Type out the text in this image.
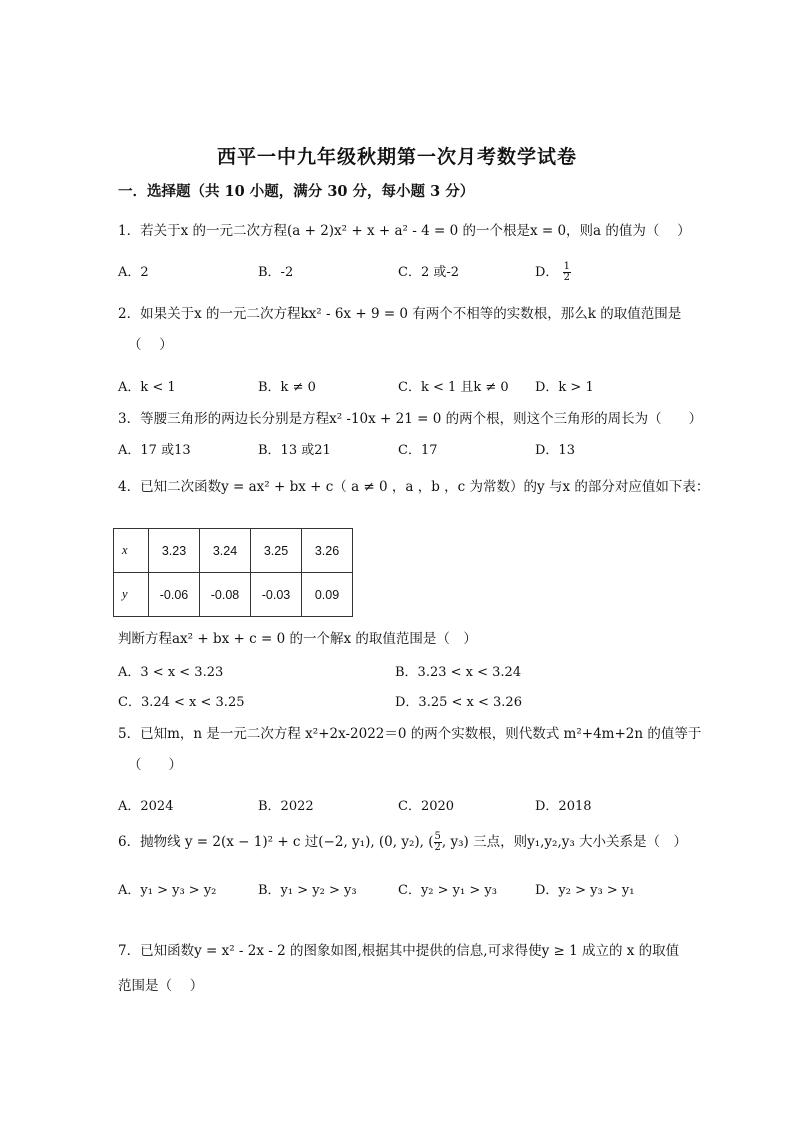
西平一中九年级秋期第一次月考数学试卷
一．选择题（共 10 小题，满分 30 分，每小题 3 分）
1．若关于x 的一元二次方程(a + 2)x² + x + a² - 4 = 0 的一个根是x = 0，则a 的值为（　 ）
A．2	B．-2	C．2 或-2	D． $\frac{1}{2}$
2．如果关于x 的一元二次方程kx² - 6x + 9 = 0 有两个不相等的实数根，那么k 的取值范围是
（　 ）
A．k < 1	B．k ≠ 0	C．k < 1 且k ≠ 0 D．k > 1
3．等腰三角形的两边长分别是方程x² -10x + 21 = 0 的两个根，则这个三角形的周长为（　　）
A．17 或13	B．13 或21	C．17	D．13
4．已知二次函数y = ax² + bx + c（ a ≠ 0 ，a ，b ，c 为常数）的y 与x 的部分对应值如下表：
x	3.23	3.24	3.25	3.26
y	-0.06	-0.08	-0.03	0.09
判断方程ax² + bx + c = 0 的一个解x 的取值范围是（　）
A．3 < x < 3.23	B．3.23 < x < 3.24
C．3.24 < x < 3.25	D．3.25 < x < 3.26
5．已知m，n 是一元二次方程 x²+2x-2022＝0 的两个实数根，则代数式 m²+4m+2n 的值等于
（　　）
A．2024	B．2022	C．2020	D．2018
6．抛物线 y = 2(x − 1)² + c 过(−2, y₁), (0, y₂), ( $\frac{5}{2}$ , y₃) 三点，则y₁,y₂,y₃ 大小关系是（　）
A．y₁ > y₃ > y₂	B．y₁ > y₂ > y₃	C．y₂ > y₁ > y₃	D．y₂ > y₃ > y₁
7．已知函数y = x² - 2x - 2 的图象如图,根据其中提供的信息,可求得使y ≥ 1 成立的 x 的取值
范围是（　 ）
